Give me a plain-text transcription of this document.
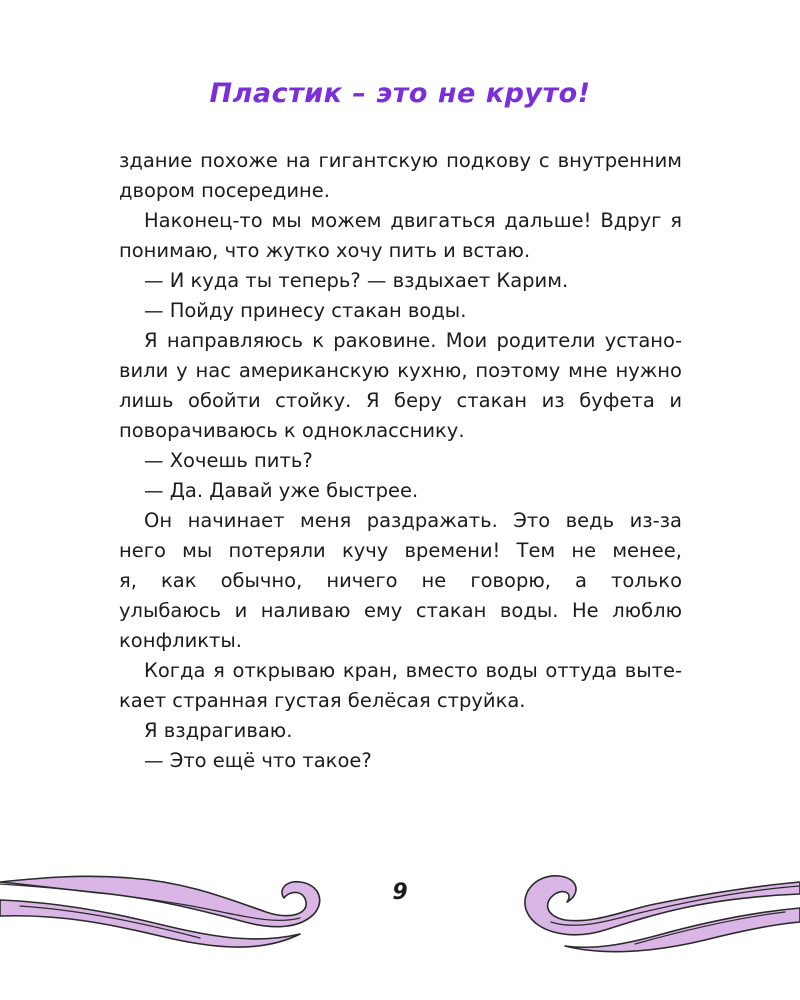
Пластик – это не круто!
здание похоже на гигантскую подкову с внутренним
двором посередине.
Наконец-то мы можем двигаться дальше! Вдруг я
понимаю, что жутко хочу пить и встаю.
— И куда ты теперь? — вздыхает Карим.
— Пойду принесу стакан воды.
Я направляюсь к раковине. Мои родители устано-
вили у нас американскую кухню, поэтому мне нужно
лишь обойти стойку. Я беру стакан из буфета и
поворачиваюсь к однокласснику.
— Хочешь пить?
— Да. Давай уже быстрее.
Он начинает меня раздражать. Это ведь из-за
него мы потеряли кучу времени! Тем не менее,
я, как обычно, ничего не говорю, а только
улыбаюсь и наливаю ему стакан воды. Не люблю
конфликты.
Когда я открываю кран, вместо воды оттуда выте-
кает странная густая белёсая струйка.
Я вздрагиваю.
— Это ещё что такое?
9
